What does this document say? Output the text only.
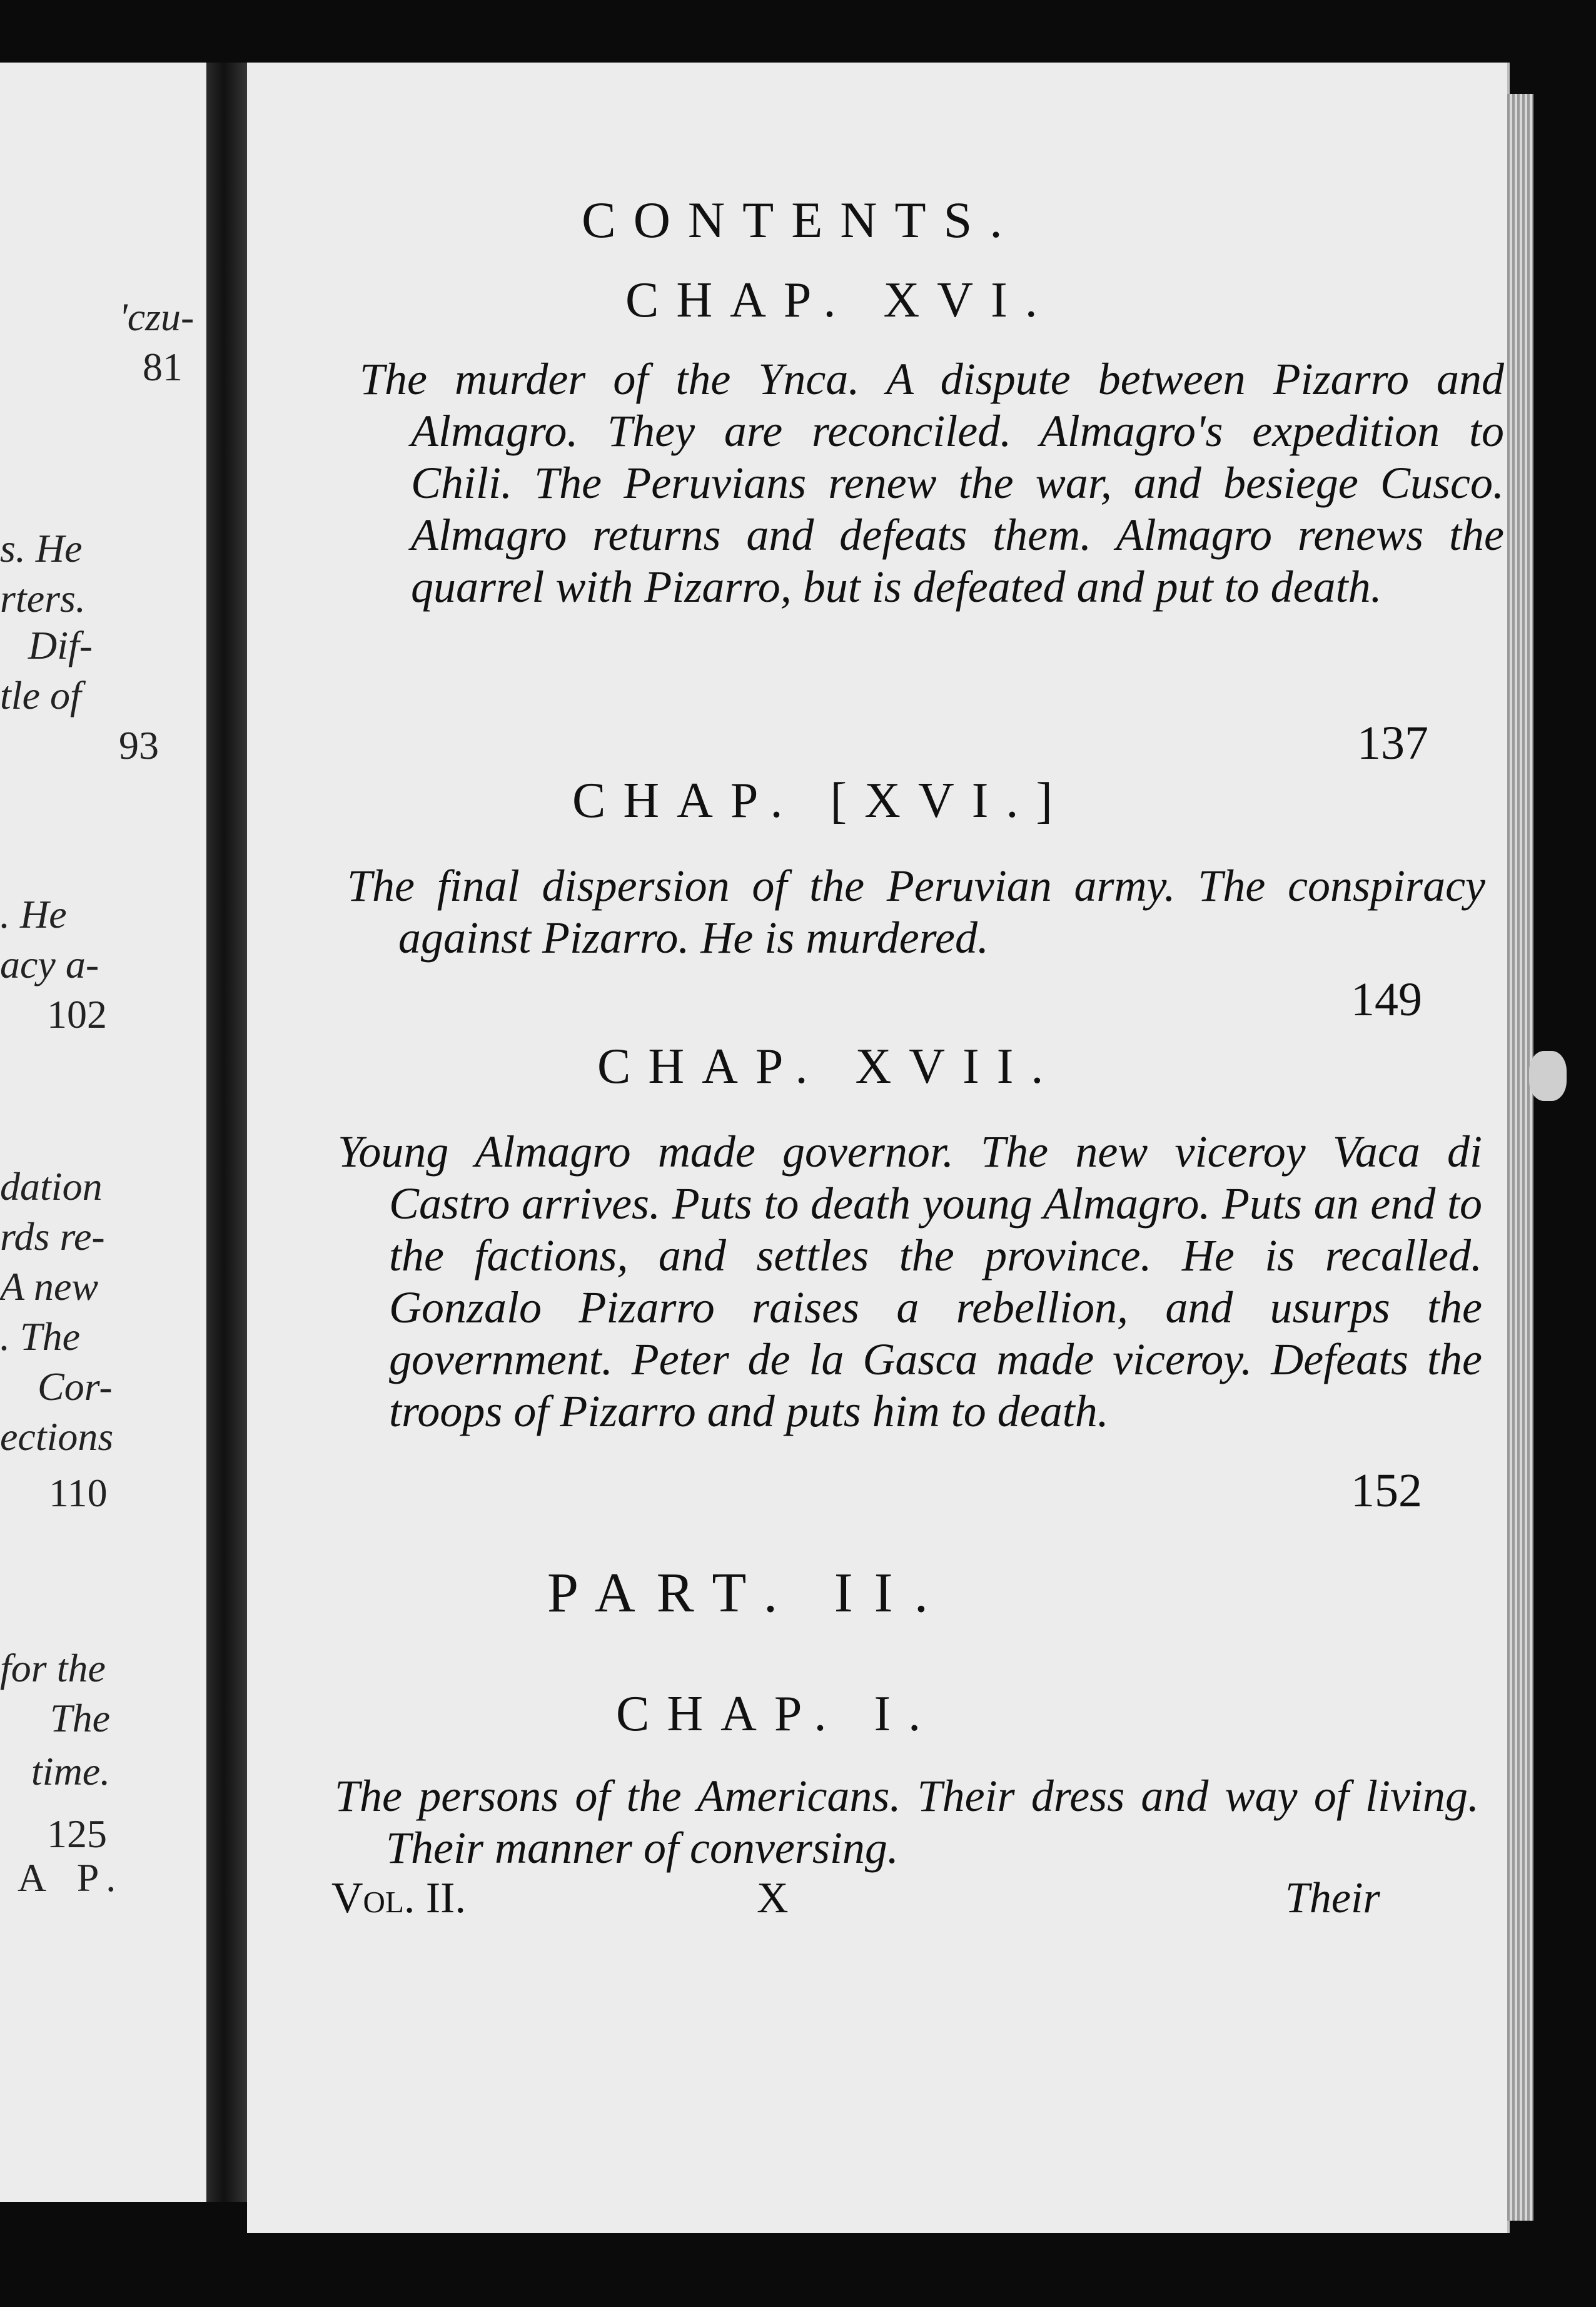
'czu-
81
s. He
rters.
Dif-
tle of
93
. He
acy a-
102
dation
rds re-
A new
. The
Cor-
ections
110
for the
The
time.
125
A P.
CONTENTS.
CHAP. XVI.

The murder of the Ynca. A dispute between Pizarro and Almagro. They are reconciled. Almagro's expedition to Chili. The Peruvians renew the war, and besiege Cusco. Almagro returns and defeats them. Almagro renews the quarrel with Pizarro, but is defeated and put to death.

137
CHAP. [XVI.]

The final dispersion of the Peruvian army. The conspiracy against Pizarro. He is murdered.

149
CHAP. XVII.

Young Almagro made governor. The new viceroy Vaca di Castro arrives. Puts to death young Almagro. Puts an end to the factions, and settles the province. He is recalled. Gonzalo Pizarro raises a rebellion, and usurps the government. Peter de la Gasca made viceroy. Defeats the troops of Pizarro and puts him to death.

152
PART. II.
CHAP. I.

The persons of the Americans. Their dress and way of living. Their manner of conversing.

Vol. II.	X	Their
